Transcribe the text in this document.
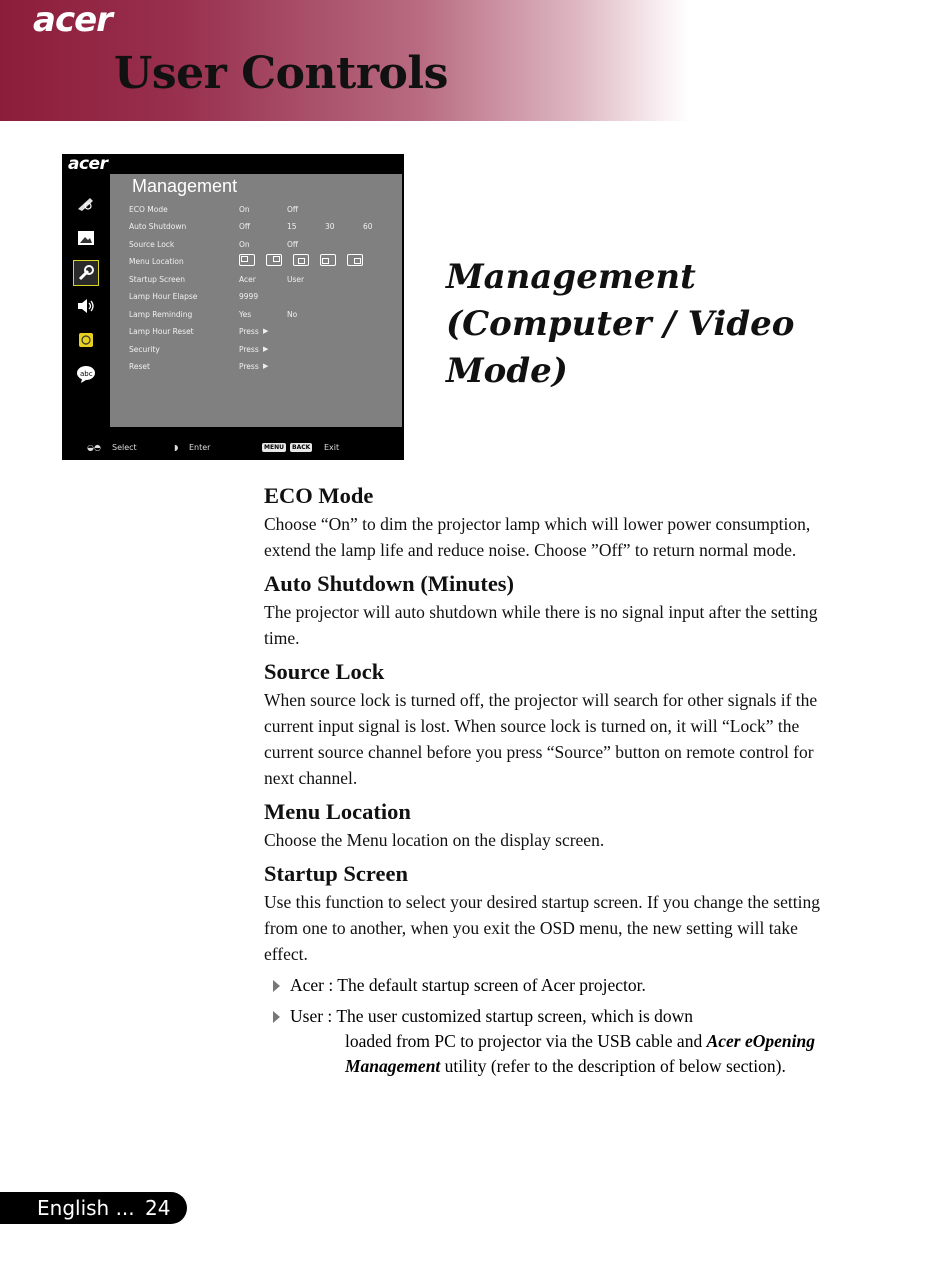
acer
User Controls
acer
abc
Management
ECO Mode	On	Off
Auto Shutdown	Off	15	30	60
Source Lock	On	Off
Menu Location
Startup Screen	Acer	User
Lamp Hour Elapse	9999
Lamp Reminding	Yes	No
Lamp Hour Reset	Press ▶
Security	Press ▶
Reset	Press ▶
◒◓ Select	◗ Enter	MENU	BACK Exit
Management
(Computer / Video
Mode)
ECO Mode

Choose “On” to dim the projector lamp which will lower power consumption, extend the lamp life and reduce noise. Choose ”Off” to return normal mode.

Auto Shutdown (Minutes)

The projector will auto shutdown while there is no signal input after the setting time.

Source Lock

When source lock is turned off, the projector will search for other signals if the current input signal is lost. When source lock is turned on, it will “Lock” the current source channel before you press “Source” button on remote control for next channel.

Menu Location

Choose the Menu location on the display screen.

Startup Screen

Use this function to select your desired startup screen. If you change the setting from one to another, when you exit the OSD menu, the new setting will take effect.

Acer : The default startup screen of Acer projector.
User : The user customized startup screen, which is down
loaded from PC to projector via the USB cable and Acer eOpening Management utility (refer to the description of below section).
English ... 24
